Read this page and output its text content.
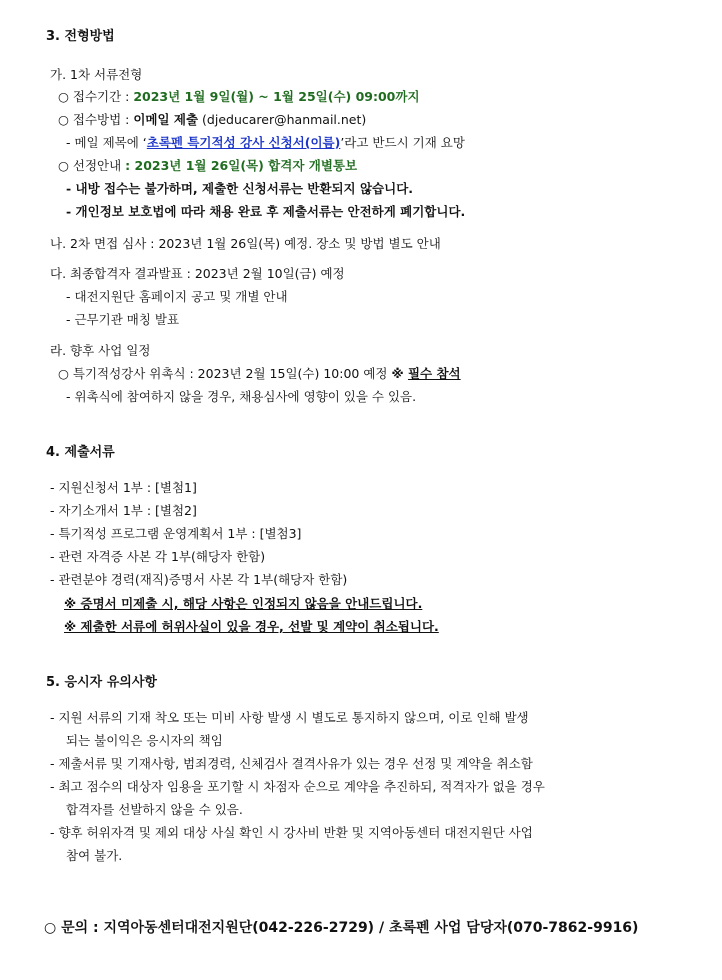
3. 전형방법
가. 1차 서류전형
○ 접수기간 : 2023년 1월 9일(월) ~ 1월 25일(수) 09:00까지
○ 접수방법 : 이메일 제출 (djeducarer@hanmail.net)
- 메일 제목에 ‘초록펜 특기적성 강사 신청서(이름)’라고 반드시 기재 요망
○ 선정안내 : 2023년 1월 26일(목) 합격자 개별통보
- 내방 접수는 불가하며, 제출한 신청서류는 반환되지 않습니다.
- 개인정보 보호법에 따라 채용 완료 후 제출서류는 안전하게 폐기합니다.
나. 2차 면접 심사 : 2023년 1월 26일(목) 예정. 장소 및 방법 별도 안내
다. 최종합격자 결과발표 : 2023년 2월 10일(금) 예정
- 대전지원단 홈페이지 공고 및 개별 안내
- 근무기관 매칭 발표
라. 향후 사업 일정
○ 특기적성강사 위촉식 : 2023년 2월 15일(수) 10:00 예정 ※ 필수 참석
- 위촉식에 참여하지 않을 경우, 채용심사에 영향이 있을 수 있음.
4. 제출서류
- 지원신청서 1부 : [별첨1]
- 자기소개서 1부 : [별첨2]
- 특기적성 프로그램 운영계획서 1부 : [별첨3]
- 관련 자격증 사본 각 1부(해당자 한함)
- 관련분야 경력(재직)증명서 사본 각 1부(해당자 한함)
※ 증명서 미제출 시, 해당 사항은 인정되지 않음을 안내드립니다.
※ 제출한 서류에 허위사실이 있을 경우, 선발 및 계약이 취소됩니다.
5. 응시자 유의사항
- 지원 서류의 기재 착오 또는 미비 사항 발생 시 별도로 통지하지 않으며, 이로 인해 발생
되는 불이익은 응시자의 책임
- 제출서류 및 기재사항, 범죄경력, 신체검사 결격사유가 있는 경우 선정 및 계약을 취소함
- 최고 점수의 대상자 임용을 포기할 시 차점자 순으로 계약을 추진하되, 적격자가 없을 경우
합격자를 선발하지 않을 수 있음.
- 향후 허위자격 및 제외 대상 사실 확인 시 강사비 반환 및 지역아동센터 대전지원단 사업
참여 불가.
○ 문의 : 지역아동센터대전지원단(042-226-2729) / 초록펜 사업 담당자(070-7862-9916)
